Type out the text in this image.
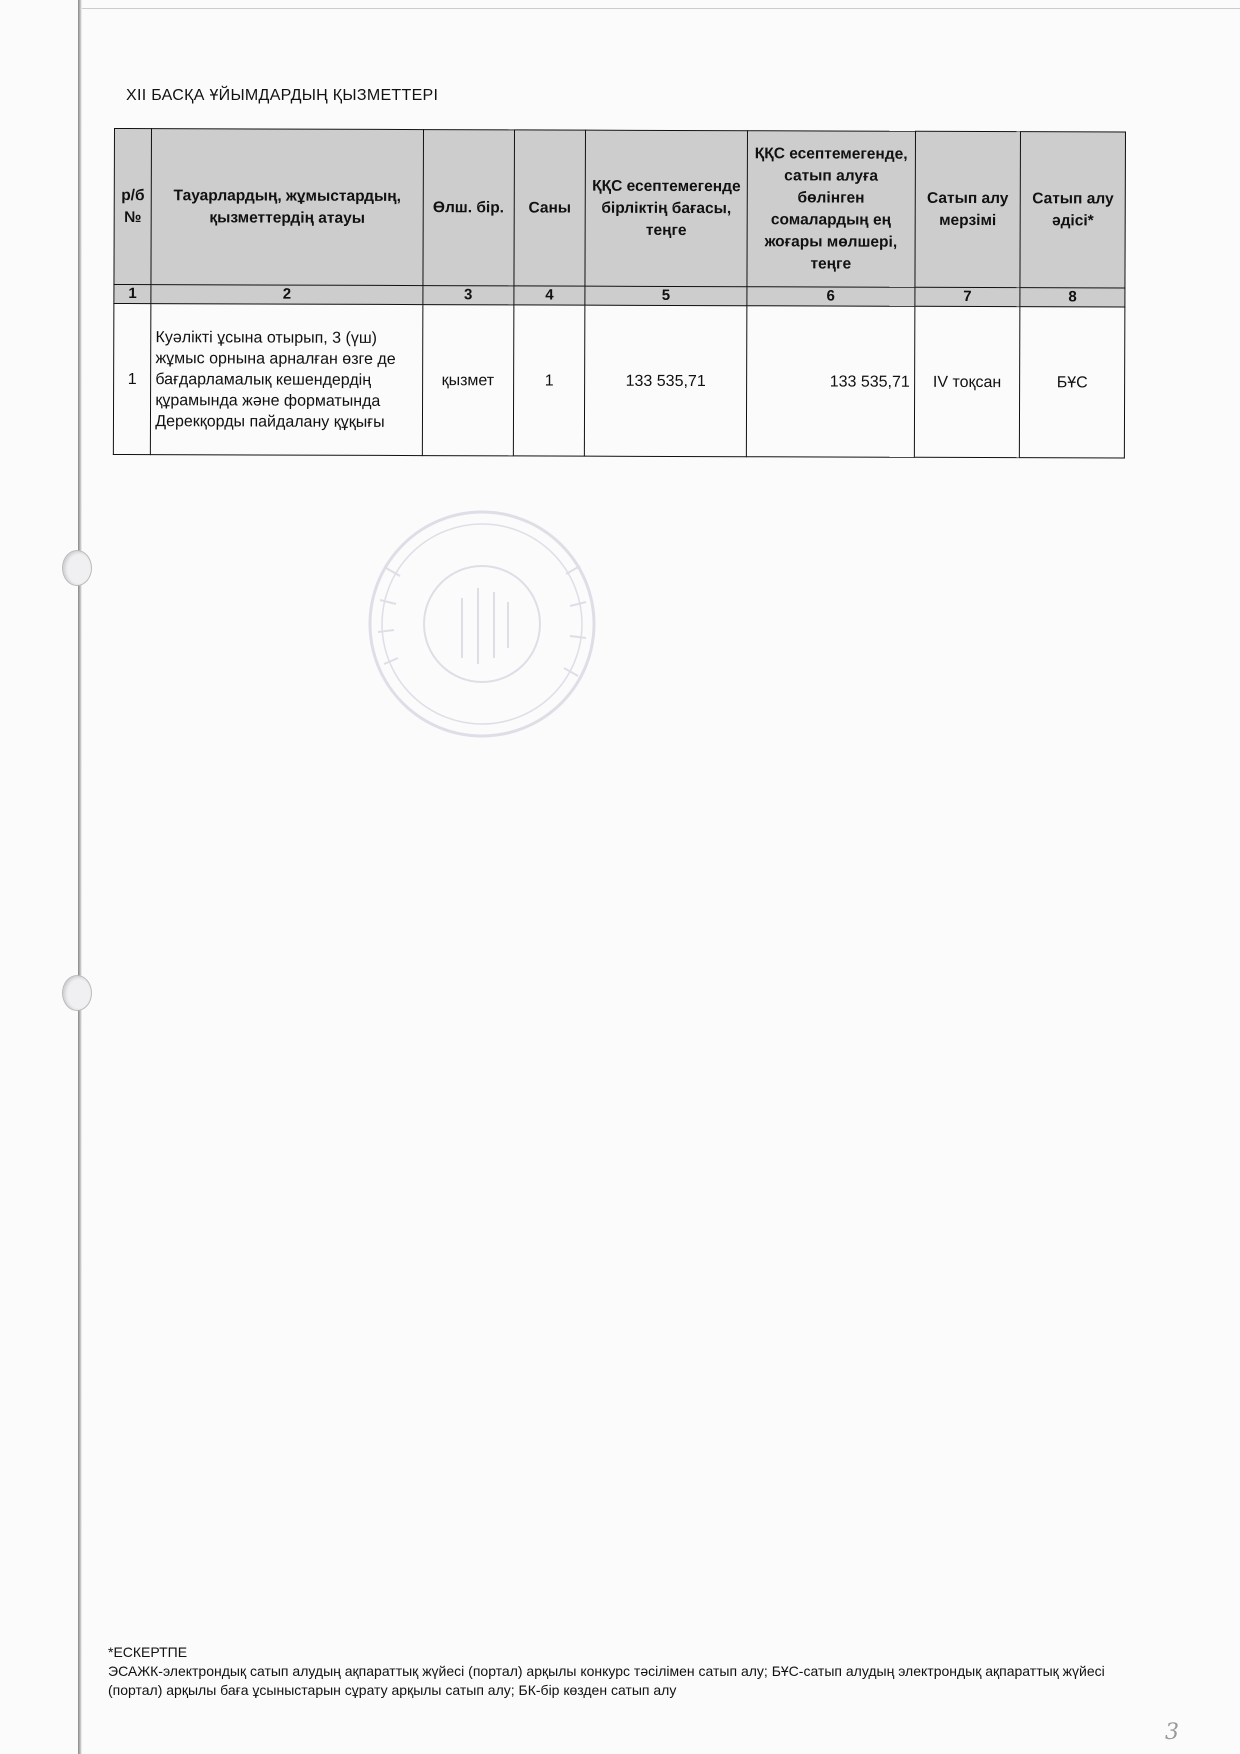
XII БАСҚА ҰЙЫМДАРДЫҢ ҚЫЗМЕТТЕРІ
р/б №	Тауарлардың, жұмыстардың, қызметтердің атауы	Өлш. бір.	Саны	ҚҚС есептемегенде бірліктің бағасы, теңге	ҚҚС есептемегенде, сатып алуға бөлінген сомалардың ең жоғары мөлшері, теңге	Сатып алу мерзімі	Сатып алу әдісі*
1	2	3	4	5	6	7	8
1	Куәлікті ұсына отырып, 3 (үш) жұмыс орнына арналған өзге де бағдарламалық кешендердің құрамында және форматында Дерекқорды пайдалану құқығы	қызмет	1	133 535,71	133 535,71	IV тоқсан	БҰС
*ЕСКЕРТПЕ
ЭСАЖК-электрондық сатып алудың ақпараттық жүйесі (портал) арқылы конкурс тәсілімен сатып алу; БҰС-сатып алудың электрондық ақпараттық жүйесі (портал) арқылы баға ұсыныстарын сұрату арқылы сатып алу; БК-бір көзден сатып алу
3
